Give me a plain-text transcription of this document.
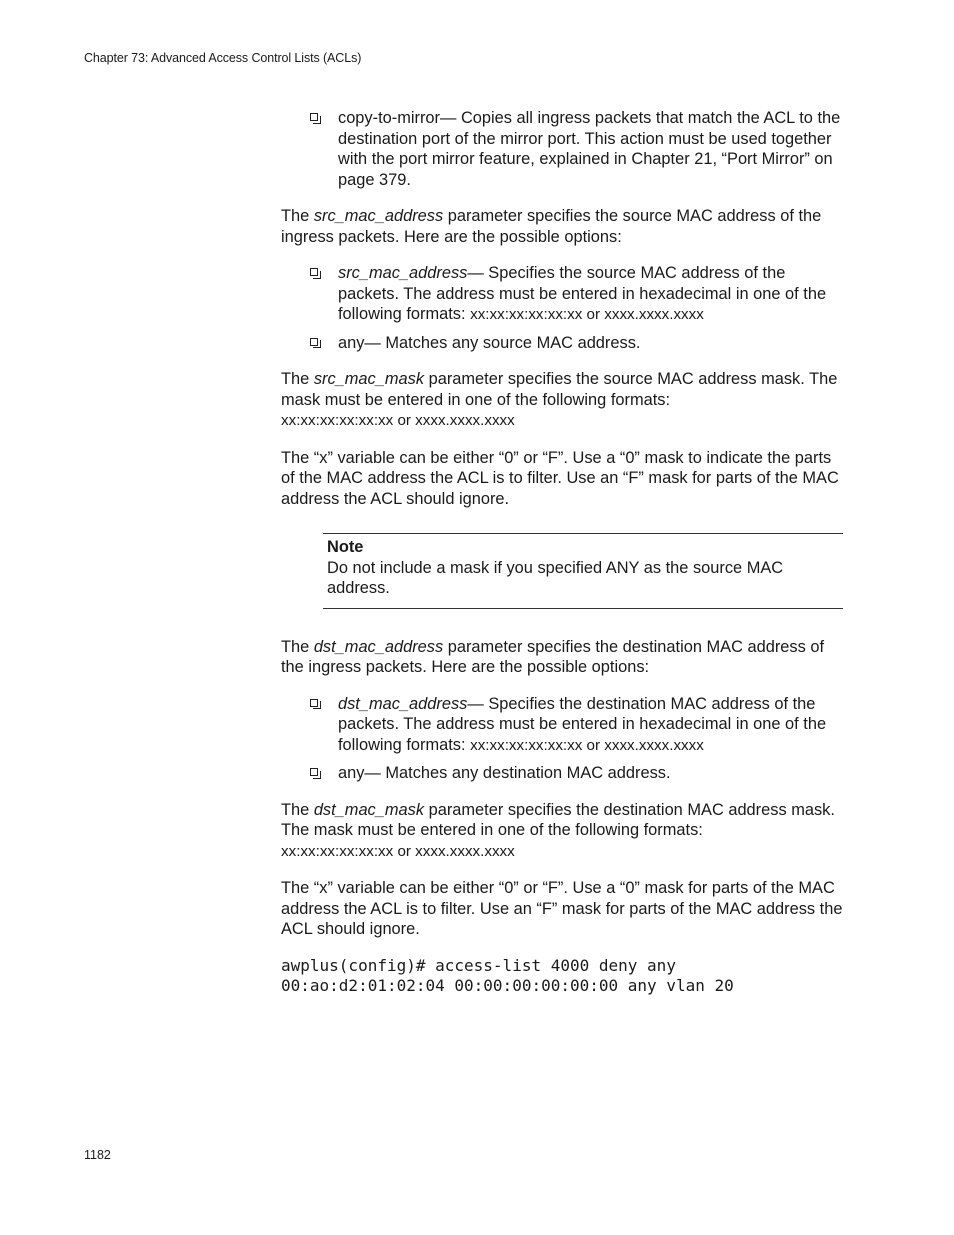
Chapter 73: Advanced Access Control Lists (ACLs)
copy-to-mirror— Copies all ingress packets that match the ACL to the destination port of the mirror port. This action must be used together with the port mirror feature, explained in Chapter 21, “Port Mirror” on page 379.

The src_mac_address parameter specifies the source MAC address of the ingress packets. Here are the possible options:

src_mac_address— Specifies the source MAC address of the packets. The address must be entered in hexadecimal in one of the following formats: xx:xx:xx:xx:xx:xx or xxxx.xxxx.xxxx
any— Matches any source MAC address.

The src_mac_mask parameter specifies the source MAC address mask. The mask must be entered in one of the following formats:
xx:xx:xx:xx:xx:xx or xxxx.xxxx.xxxx

The “x” variable can be either “0” or “F”. Use a “0” mask to indicate the parts of the MAC address the ACL is to filter. Use an “F” mask for parts of the MAC address the ACL should ignore.

Note
Do not include a mask if you specified ANY as the source MAC address.

The dst_mac_address parameter specifies the destination MAC address of the ingress packets. Here are the possible options:

dst_mac_address— Specifies the destination MAC address of the packets. The address must be entered in hexadecimal in one of the following formats: xx:xx:xx:xx:xx:xx or xxxx.xxxx.xxxx
any— Matches any destination MAC address.

The dst_mac_mask parameter specifies the destination MAC address mask. The mask must be entered in one of the following formats:
xx:xx:xx:xx:xx:xx or xxxx.xxxx.xxxx

The “x” variable can be either “0” or “F”. Use a “0” mask for parts of the MAC address the ACL is to filter. Use an “F” mask for parts of the MAC address the ACL should ignore.

awplus(config)# access-list 4000 deny any
00:ao:d2:01:02:04 00:00:00:00:00:00 any vlan 20
1182
